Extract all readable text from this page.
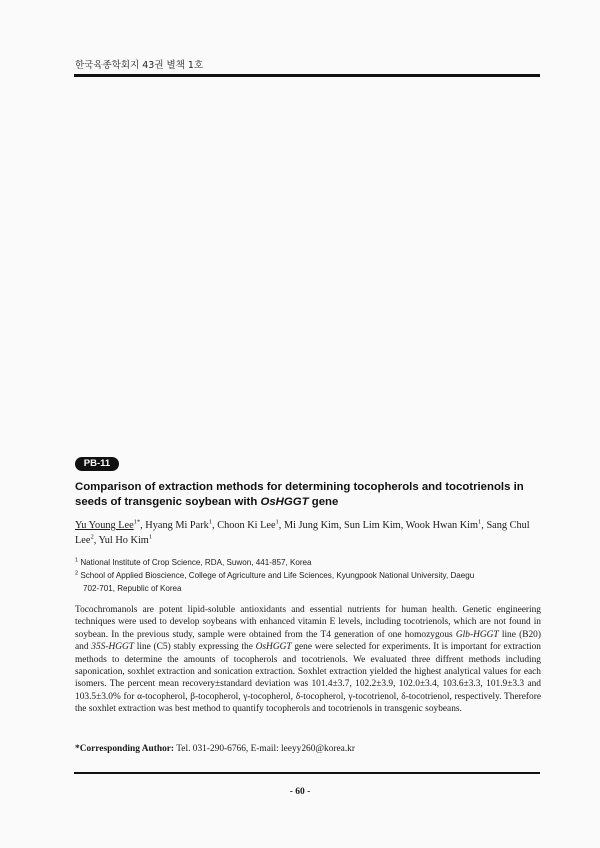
한국육종학회지 43권 별책 1호
PB-11
Comparison of extraction methods for determining tocopherols and tocotrienols in seeds of transgenic soybean with OsHGGT gene
Yu Young Lee$^{1*}$, Hyang Mi Park$^1$, Choon Ki Lee$^1$, Mi Jung Kim, Sun Lim Kim, Wook Hwan Kim$^1$, Sang Chul Lee$^2$, Yul Ho Kim$^1$
$^1$ National Institute of Crop Science, RDA, Suwon, 441-857, Korea
$^2$ School of Applied Bioscience, College of Agriculture and Life Sciences, Kyungpook National University, Daegu
702-701, Republic of Korea

Tocochromanols are potent lipid-soluble antioxidants and essential nutrients for human health. Genetic engineering techniques were used to develop soybeans with enhanced vitamin E levels, including tocotrienols, which are not found in soybean. In the previous study, sample were obtained from the T4 generation of one homozygous Glb-HGGT line (B20) and 35S-HGGT line (C5) stably expressing the OsHGGT gene were selected for experiments. It is important for extraction methods to determine the amounts of tocopherols and tocotrienols. We evaluated three diffrent methods including saponication, soxhlet extraction and sonication extraction. Soxhlet extraction yielded the highest analytical values for each isomers. The percent mean recovery±standard deviation was 101.4±3.7, 102.2±3.9, 102.0±3.4, 103.6±3.3, 101.9±3.3 and 103.5±3.0% for α-tocopherol, β-tocopherol, γ-tocopherol, δ-tocopherol, γ-tocotrienol, δ-tocotrienol, respectively. Therefore the soxhlet extraction was best method to quantify tocopherols and tocotrienols in transgenic soybeans.

*Corresponding Author: Tel. 031-290-6766, E-mail: leeyy260@korea.kr
- 60 -
